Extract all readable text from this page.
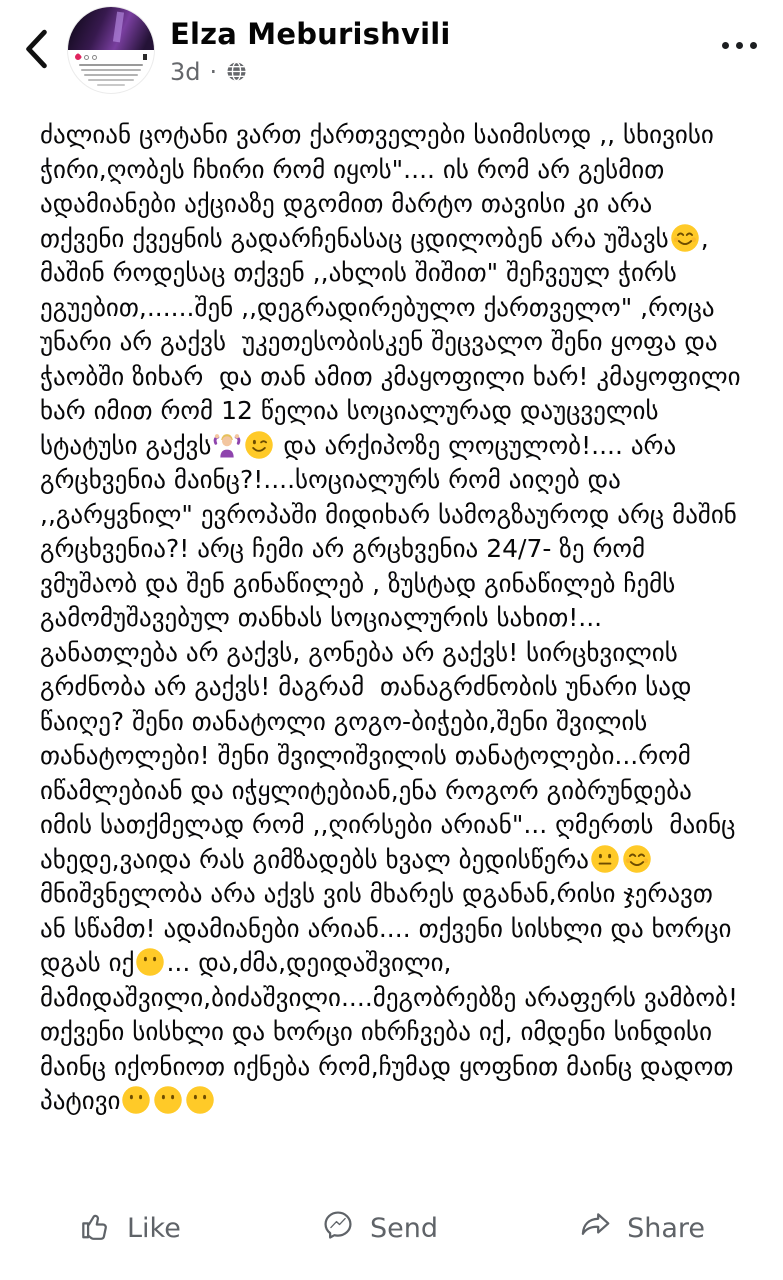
Elza Meburishvili
3d ·
ძალიან ცოტანი ვართ ქართველები საიმისოდ ,, სხივისი ჭირი,ღობეს ჩხირი რომ იყოს".... ის რომ არ გესმით ადამიანები აქციაზე დგომით მარტო თავისი კი არა თქვენი ქვეყნის გადარჩენასაც ცდილობენ არა უშავს , მაშინ როდესაც თქვენ ,,ახლის შიშით" შეჩვეულ ჭირს ეგუებით,......შენ ,,დეგრადირებულო ქართველო" ,როცა უნარი არ გაქვს  უკეთესობისკენ შეცვალო შენი ყოფა და ჭაობში ზიხარ  და თან ამით კმაყოფილი ხარ! კმაყოფილი ხარ იმით რომ 12 წელია სოციალურად დაუცველის სტატუსი გაქვს	და არქიპოზე ლოცულობ!.... არა გრცხვენია მაინც?!....სოციალურს რომ აიღებ და ,,გარყვნილ" ევროპაში მიდიხარ სამოგზაუროდ არც მაშინ გრცხვენია?! არც ჩემი არ გრცხვენია 24/7- ზე რომ ვმუშაობ და შენ გინაწილებ , ზუსტად გინაწილებ ჩემს გამომუშავებულ თანხას სოციალურის სახით!... განათლება არ გაქვს, გონება არ გაქვს! სირცხვილის გრძნობა არ გაქვს! მაგრამ  თანაგრძნობის უნარი სად წაიღე? შენი თანატოლი გოგო-ბიჭები,შენი შვილის თანატოლები! შენი შვილიშვილის თანატოლები...რომ იწამლებიან და იჭყლიტებიან,ენა როგორ გიბრუნდება იმის სათქმელად რომ ,,ღირსები არიან"... ღმერთს  მაინც ახედე,ვაიდა რას გიმზადებს ხვალ ბედისწერა	მნიშვნელობა არა აქვს ვის მხარეს დგანან,რისი ჯერავთ ან სწამთ! ადამიანები არიან.... თქვენი სისხლი და ხორცი დგას იქ ... და,ძმა,დეიდაშვილი, მამიდაშვილი,ბიძაშვილი....მეგობრებზე არაფერს ვამბობ! თქვენი სისხლი და ხორცი იხრჩვება იქ, იმდენი სინდისი მაინც იქონიოთ იქნება რომ,ჩუმად ყოფნით მაინც დადოთ პატივი
Like	Send	Share
